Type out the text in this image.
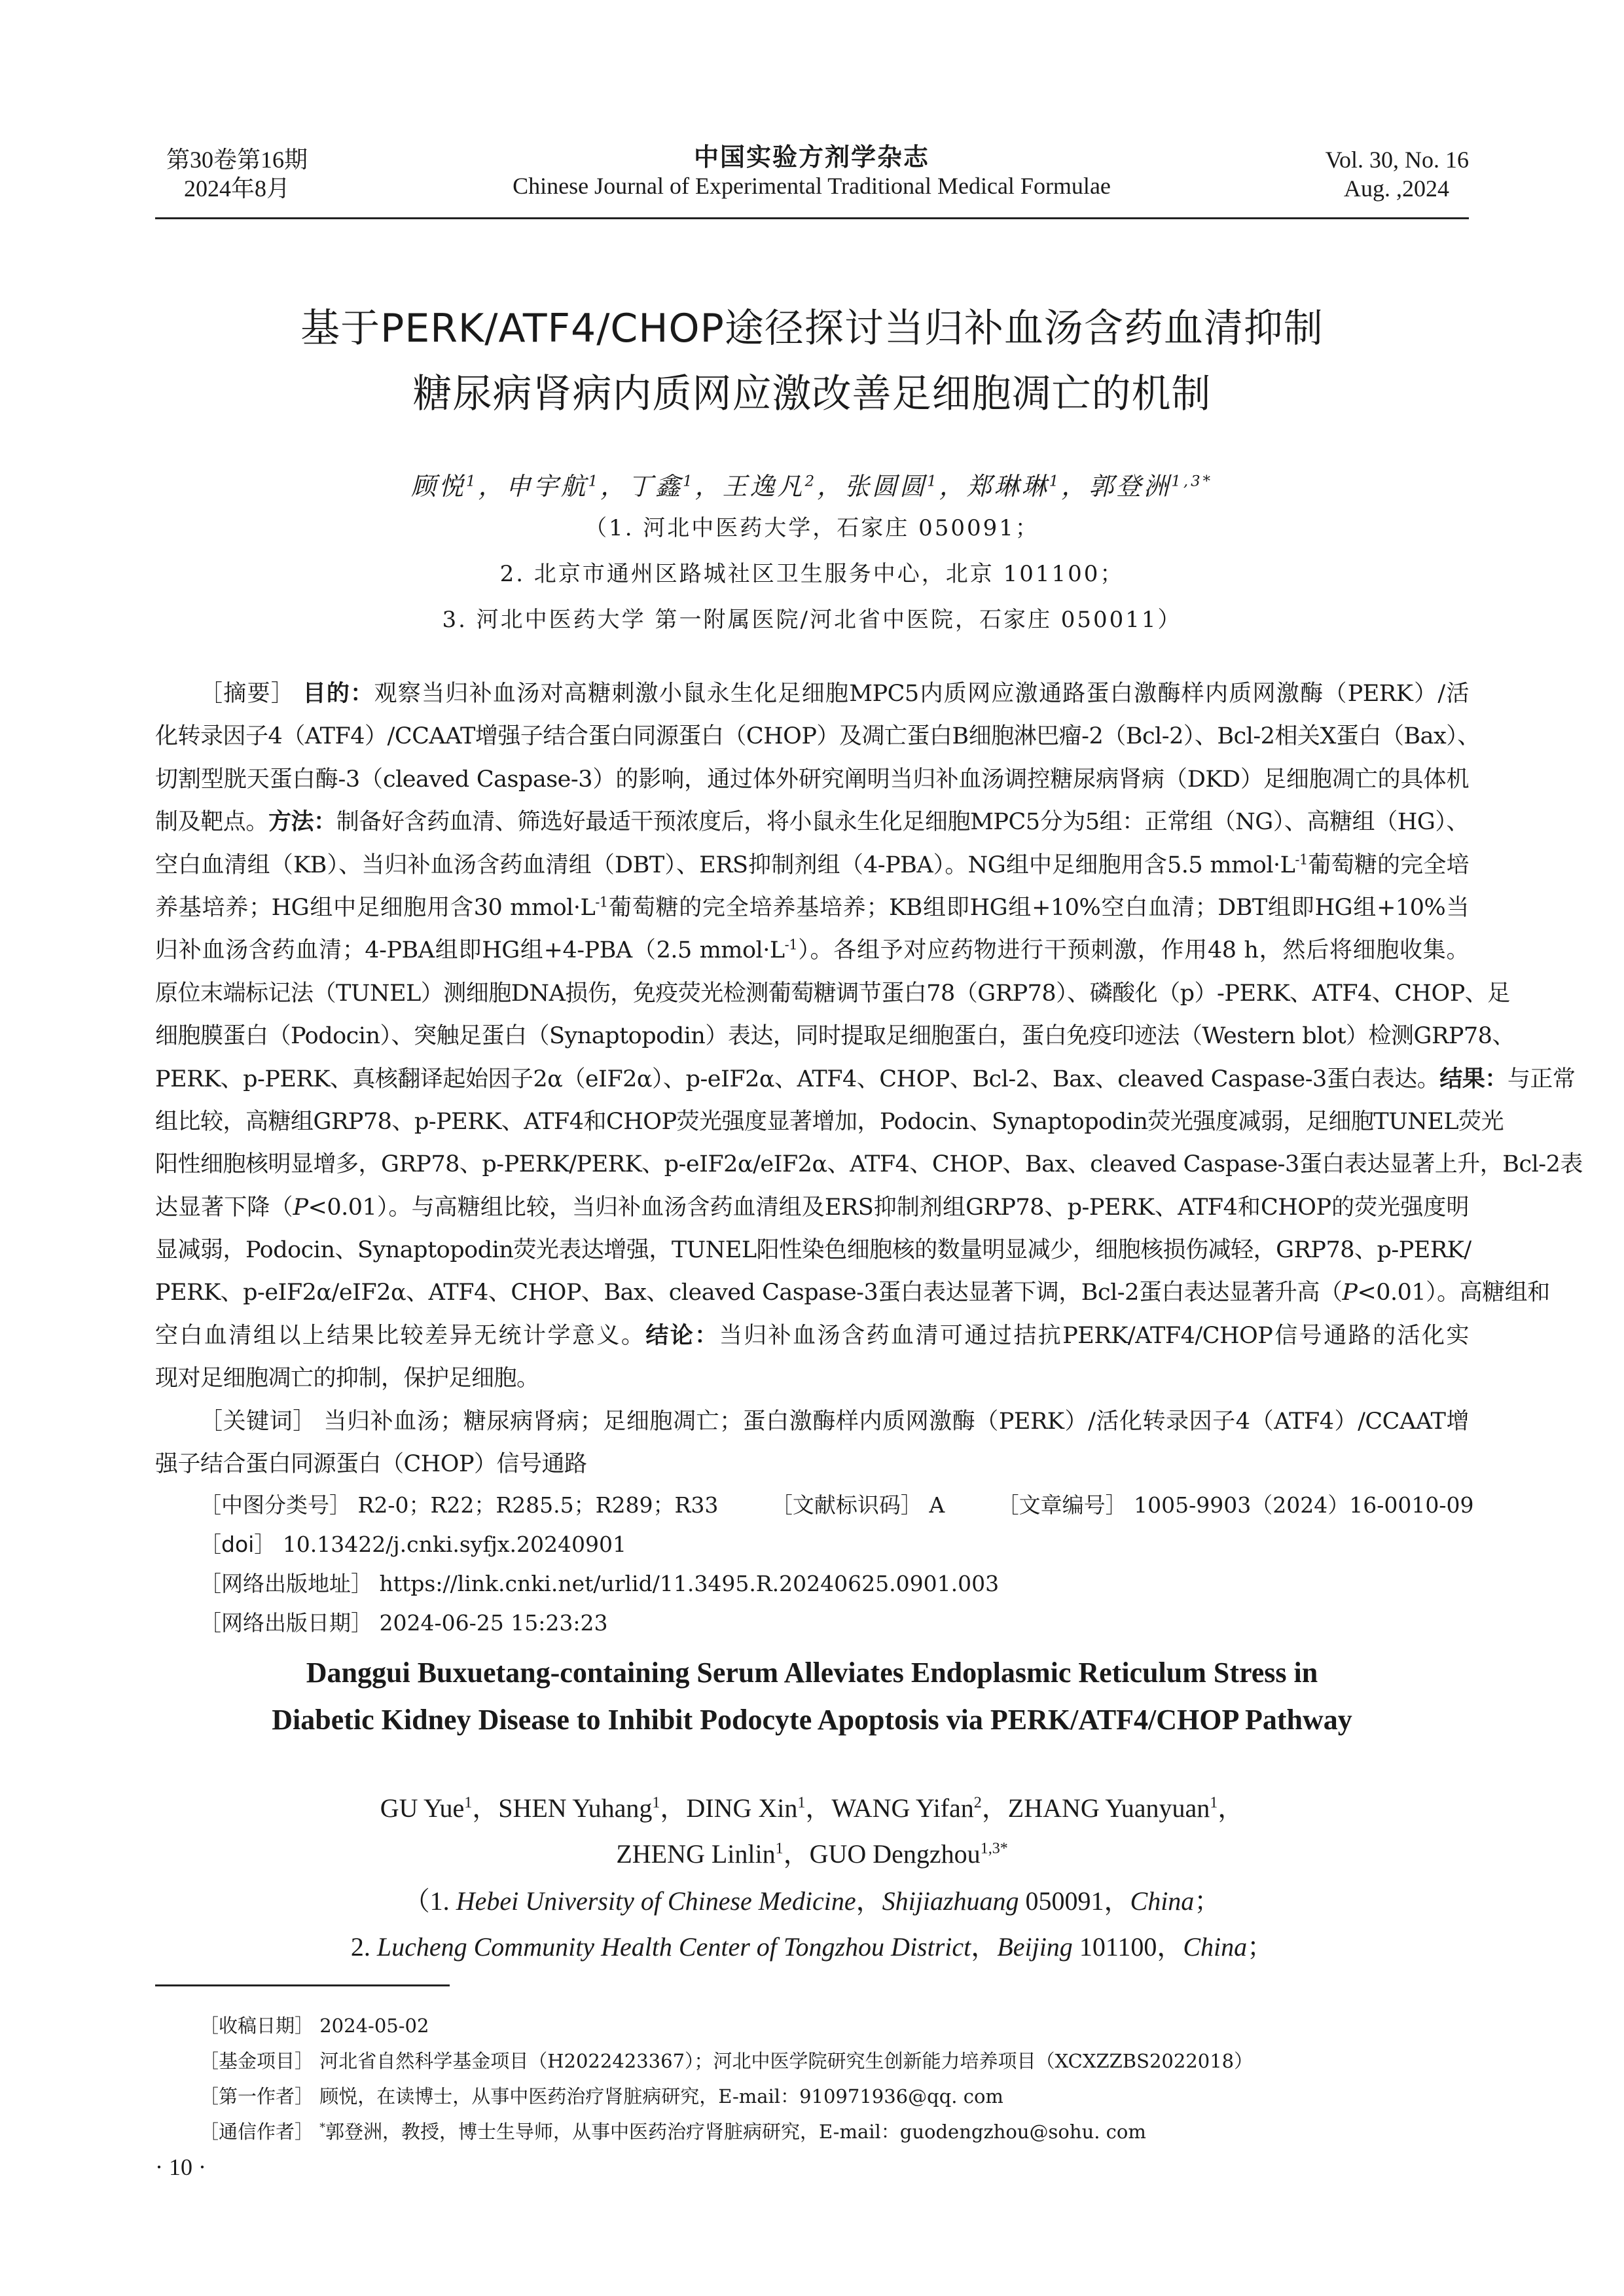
第30卷第16期
2024年8月
中国实验方剂学杂志
Chinese Journal of Experimental Traditional Medical Formulae
Vol. 30, No. 16
Aug. ,2024
基于PERK/ATF4/CHOP途径探讨当归补血汤含药血清抑制
糖尿病肾病内质网应激改善足细胞凋亡的机制
顾悦$^1$，申宇航$^1$，丁鑫$^1$，王逸凡$^2$，张圆圆$^1$，郑琳琳$^1$，郭登洲$^{1,3*}$
（1. 河北中医药大学，石家庄 050091；
2. 北京市通州区路城社区卫生服务中心，北京 101100；
3. 河北中医药大学 第一附属医院/河北省中医院，石家庄 050011）
［摘要］ 目的：观察当归补血汤对高糖刺激小鼠永生化足细胞MPC5内质网应激通路蛋白激酶样内质网激酶（PERK）/活
化转录因子4（ATF4）/CCAAT增强子结合蛋白同源蛋白（CHOP）及凋亡蛋白B细胞淋巴瘤-2（Bcl-2）、Bcl-2相关X蛋白（Bax）、
切割型胱天蛋白酶-3（cleaved Caspase-3）的影响，通过体外研究阐明当归补血汤调控糖尿病肾病（DKD）足细胞凋亡的具体机
制及靶点。方法：制备好含药血清、筛选好最适干预浓度后，将小鼠永生化足细胞MPC5分为5组：正常组（NG）、高糖组（HG）、
空白血清组（KB）、当归补血汤含药血清组（DBT）、ERS抑制剂组（4-PBA）。NG组中足细胞用含5.5 $mmol\cdot L^{-1}$葡萄糖的完全培
养基培养；HG组中足细胞用含30 $mmol\cdot L^{-1}$葡萄糖的完全培养基培养；KB组即HG组+10%空白血清；DBT组即HG组+10%当
归补血汤含药血清；4-PBA组即HG组+4-PBA（2.5 $mmol\cdot L^{-1}$）。各组予对应药物进行干预刺激，作用48 h，然后将细胞收集。
原位末端标记法（TUNEL）测细胞DNA损伤，免疫荧光检测葡萄糖调节蛋白78（GRP78）、磷酸化（p）-PERK、ATF4、CHOP、足
细胞膜蛋白（Podocin）、突触足蛋白（Synaptopodin）表达，同时提取足细胞蛋白，蛋白免疫印迹法（Western blot）检测GRP78、
PERK、p-PERK、真核翻译起始因子2α（eIF2α）、p-eIF2α、ATF4、CHOP、Bcl-2、Bax、cleaved Caspase-3蛋白表达。结果：与正常
组比较，高糖组GRP78、p-PERK、ATF4和CHOP荧光强度显著增加，Podocin、Synaptopodin荧光强度减弱，足细胞TUNEL荧光
阳性细胞核明显增多，GRP78、p-PERK/PERK、p-eIF2α/eIF2α、ATF4、CHOP、Bax、cleaved Caspase-3蛋白表达显著上升，Bcl-2表
达显著下降（P<0.01）。与高糖组比较，当归补血汤含药血清组及ERS抑制剂组GRP78、p-PERK、ATF4和CHOP的荧光强度明
显减弱，Podocin、Synaptopodin荧光表达增强，TUNEL阳性染色细胞核的数量明显减少，细胞核损伤减轻，GRP78、p-PERK/
PERK、p-eIF2α/eIF2α、ATF4、CHOP、Bax、cleaved Caspase-3蛋白表达显著下调，Bcl-2蛋白表达显著升高（P<0.01）。高糖组和
空白血清组以上结果比较差异无统计学意义。结论：当归补血汤含药血清可通过拮抗PERK/ATF4/CHOP信号通路的活化实
现对足细胞凋亡的抑制，保护足细胞。
［关键词］ 当归补血汤；糖尿病肾病；足细胞凋亡；蛋白激酶样内质网激酶（PERK）/活化转录因子4（ATF4）/CCAAT增
强子结合蛋白同源蛋白（CHOP）信号通路
［中图分类号］ R2-0；R22；R285.5；R289；R33 ［文献标识码］ A ［文章编号］ 1005-9903（2024）16-0010-09
［doi］ 10.13422/j.cnki.syfjx.20240901
［网络出版地址］ https://link.cnki.net/urlid/11.3495.R.20240625.0901.003
［网络出版日期］ 2024-06-25 15:23:23
Danggui Buxuetang-containing Serum Alleviates Endoplasmic Reticulum Stress in
Diabetic Kidney Disease to Inhibit Podocyte Apoptosis via PERK/ATF4/CHOP Pathway
GU Yue$^1$，SHEN Yuhang$^1$，DING Xin$^1$，WANG Yifan$^2$，ZHANG Yuanyuan$^1$，
ZHENG Linlin$^1$，GUO Dengzhou$^{1,3*}$
（1. Hebei University of Chinese Medicine，Shijiazhuang 050091，China；
2. Lucheng Community Health Center of Tongzhou District，Beijing 101100，China；
［收稿日期］ 2024-05-02
［基金项目］ 河北省自然科学基金项目（H2022423367）；河北中医学院研究生创新能力培养项目（XCXZZBS2022018）
［第一作者］ 顾悦，在读博士，从事中医药治疗肾脏病研究，E-mail：910971936@qq. com
［通信作者］ *郭登洲，教授，博士生导师，从事中医药治疗肾脏病研究，E-mail：guodengzhou@sohu. com
· 10 ·
